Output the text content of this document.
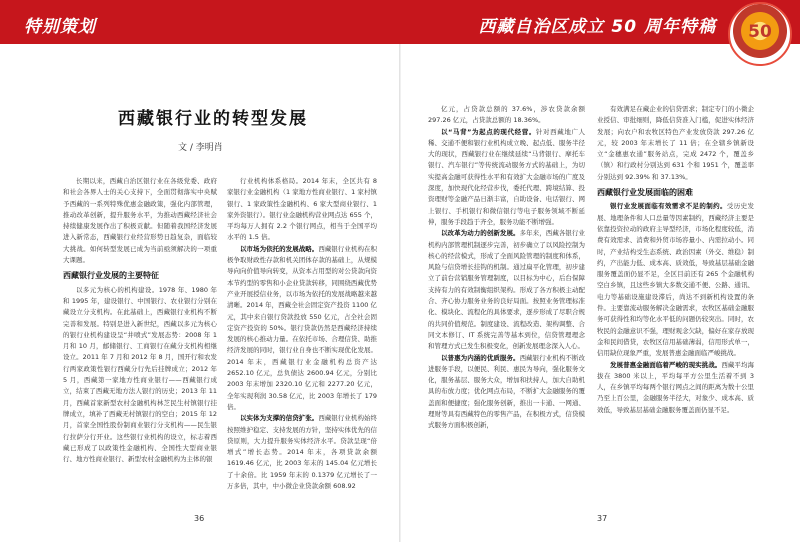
特别策划	西藏自治区成立 50 周年特稿	50
西藏银行业的转型发展
文 / 李明肖

长期以来，西藏自治区银行业在各级党委、政府和社会各界人士的关心支持下，全面贯彻落实中央赋予西藏的一系列特殊优惠金融政策，强化内部管理，推动改革创新，提升服务水平，为推动西藏经济社会持续健康发展作出了积极贡献。但随着我国经济发展进入新常态，西藏银行业经营形势日趋复杂，面临较大挑战。如何转型发展已成为当前亟须解决的一项重大课题。

西藏银行业发展的主要特征

以多元为核心的机构建设。1978 年、1980 年和 1995 年，建设银行、中国银行、农业银行分别在藏设立分支机构。在此基础上，西藏银行业机构不断完善和发展。特别是进入新世纪，西藏以多元为核心的银行业机构建设呈“井喷式”发展态势：2008 年 1 月和 10 月，邮储银行、工商银行在藏分支机构相继设立。2011 年 7 月和 2012 年 8 月，国开行和农发行两家政策性银行西藏分行先后挂牌成立；2012 年 5 月，西藏第一家地方性商业银行——西藏银行成立，结束了西藏无地方法人银行的历史；2013 年 11 月，西藏首家新型农村金融机构林芝民生村镇银行挂牌成立，填补了西藏无村镇银行的空白；2015 年 12 月，首家全国性股份制商业银行分支机构——民生银行拉萨分行开业。这些银行业机构的设立，标志着西藏已形成了以政策性金融机构、全国性大型商业银行、地方性商业银行、新型农村金融机构为主体的银

行业机构体系格局。2014 年末，全区共有 8 家银行业金融机构（1 家地方性商业银行、1 家村镇银行、1 家政策性金融机构、6 家大型商业银行、1 家外资银行）。银行业金融机构营业网点达 655 个，平均每万人拥有 2.2 个银行网点，相当于全国平均水平的 1.5 倍。

以市场为依托的发展战略。西藏银行业机构在积极争取财政性存款和机关团体存款的基础上，从规模导向向价值导向转变，从资本占用型的对公贷款向资本节约型的零售和小企业贷款转移，同围绕西藏优势产业开展授信业务，以市场为依托的发展战略越来越清晰。2014 年，西藏全社会固定资产投资 1100 亿元，其中来自银行贷款投放 550 亿元，占全社会固定资产投资的 50%。银行贷款仍然是西藏经济持续发展的核心推动力量。在依托市场、合理信贷、助推经济发展的同时，银行业自身也不断实现优化发展。2014 年末，西藏银行业金融机构总资产达 2652.10 亿元，总负债达 2600.94 亿元，分别比 2003 年末增加 2320.10 亿元和 2277.20 亿元，全年实现利润 30.58 亿元，比 2003 年增长了 179 倍。

以实体为支撑的信贷扩张。西藏银行业机构始终按照维护稳定、支持发展的方针，坚持实体优先的信贷原则，大力提升服务实体经济水平。贷款呈现“倍增式”增长态势。2014 年末，各项贷款余额 1619.46 亿元，比 2003 年末的 145.04 亿元增长了十余倍。比 1959 年末的 0.1379 亿元增长了一万多倍，其中，中小微企业贷款余额 608.92

亿元，占贷款总额的 37.6%，涉农贷款余额 297.26 亿元，占贷款总额的 18.36%。

以“马背”为起点的现代经营。针对西藏地广人稀、交通不便和银行业机构成立晚、起点低、服务半径大的现状，西藏银行业在继续延续“马背银行、摩托车银行、汽车银行”等传统流动服务方式的基础上，为切实提高金融可获得性水平和有效扩大金融市场的广度及深度，加快现代化经营步伐，委托代理、跨境结算、投资理财等金融产品日渐丰富，自助设备、电话银行、网上银行、手机银行和微信银行等电子服务领域不断延伸，服务手段趋于齐全，服务功能不断增强。

以改革为动力的创新发展。多年来，西藏各银行业机构内部管理机制逐步完善，初步确立了以风险控制为核心的经营模式，形成了全面风险管理的制度和体系，风险与信贷增长挂钩的机制。通过扁平化管理，初步建立了前台营销服务管理制度，以目标为中心，后台保障支持有力的有效制衡组织架构。形成了各方积极主动配合、齐心协力服务业务的良好局面。按照业务管理标准化、模块化、流程化的具体要求，逐步形成了尽职合规的共同价值规范。制度建设、流程改造、架构调整、合同文本修订、IT 系统完善等基本到位，信贷管理理念和管理方式已发生积极变化，创新发展理念深入人心。

以普惠为内涵的优质服务。西藏银行业机构不断改进服务手段，以便民、利民、惠民为导向，强化服务文化，服务基层、服务大众，增加和扶持人，加大自助机具的布放力度；优化网点布局，不断扩大金融服务的覆盖面和便捷度；强化服务创新，推出一卡通、一网通、理财等具有西藏特色的零售产品，在积极方式，信贷模式服务方面积极创新，

有效满足在藏企业的信贷需求；制定专门的小微企业授信、审批细则，降低信贷准入门槛，促进实体经济发展；向农户和农牧区特色产业发放贷款 297.26 亿元，较 2003 年末增长了 11 倍；在全辖乡镇新设立“金穗惠农通”服务站点，完成 2472 个，覆盖乡（镇）和行政村分别达到 631 个和 1951 个，覆盖率分别达到 92.39% 和 37.13%。

西藏银行业发展面临的困难

银行业发展面临有效需求不足的制约。受历史发展、地理条件和人口总量等因素制约，西藏经济主要是依靠投资拉动的政府主导型经济，市场化程度较低，消费有效需求、消费和外贸市场容量小、内需拉动小。同时，产业结构受生态系统、政治因素（外交、维稳）制约，产出能力低、成本高、质效低，导致基层基础金融服务覆盖面仍显不足，全区目前还有 265 个金融机构空白乡镇，且这些乡镇大多数交通不便、公路、通讯、电力等基础设施建设滞后，尚达不到新机构设置的条件。主要靠流动服务解决金融需求，农牧区基础金融服务可获得性和均等化水平低的问题仍较突出。同时，农牧民的金融意识不强，理财观念欠缺，偏好在家存放现金和民间借贷，农牧区信用基础薄弱，信用形式单一，信用缺位现象严重，发展普惠金融面临严峻挑战。

发展普惠金融面临着严峻的现实挑战。西藏平均海拔在 3800 米以上，平均每平方公里生活着不到 3 人，在乡镇平均每两个银行网点之间的距离为数十公里乃至上百公里，金融服务半径大，对象少、成本高、质效低，导致基层基础金融服务覆盖面仍显不足。

36	37
